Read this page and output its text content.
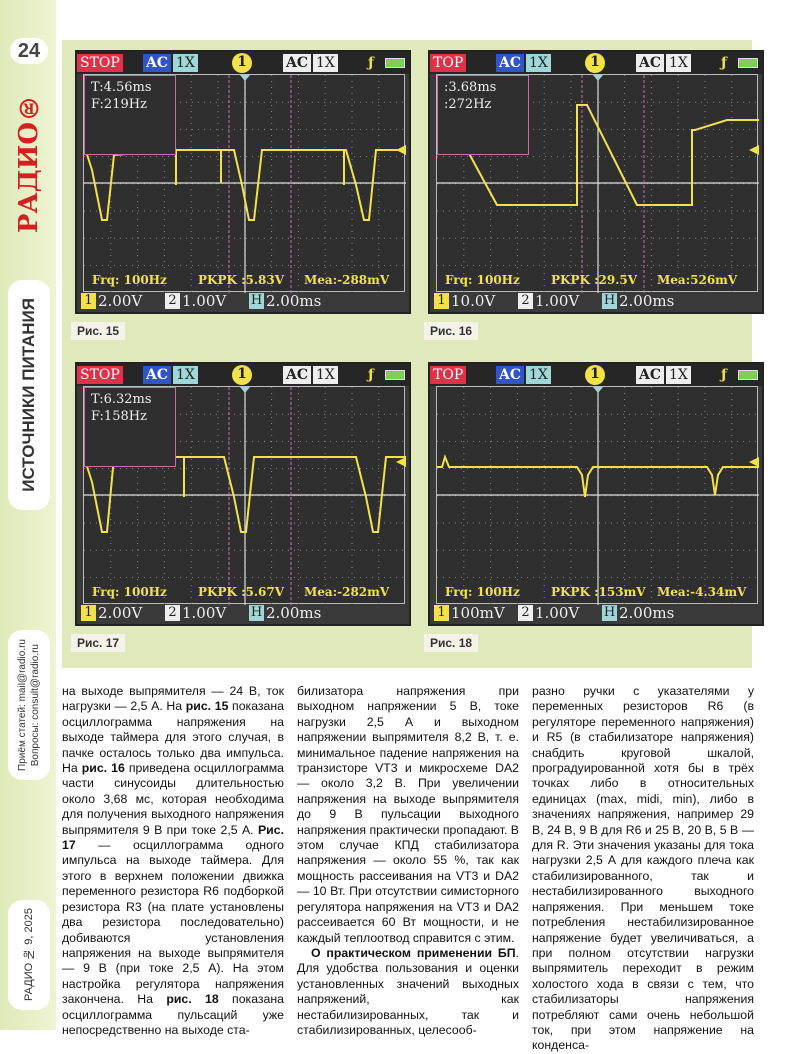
24
РАДИО®
ИСТОЧНИКИ ПИТАНИЯ
Приём статей: mail@radio.ru Вопросы: consult@radio.ru
РАДИО № 9, 2025
STOP AC 1X	1	AC 1X ƒ
T:4.56ms
F:219Hz
Frq: 100Hz	PKPK :5.83V Mea:-288mV
1 2.00V 2 1.00V H 2.00ms
Рис. 15
TOP	AC 1X	1	AC 1X ƒ
:3.68ms
:272Hz
Frq: 100Hz	PKPK :29.5V Mea:526mV
1 10.0V 2 1.00V H 2.00ms
Рис. 16
STOP AC 1X	1	AC 1X ƒ
T:6.32ms
F:158Hz
Frq: 100Hz	PKPK :5.67V Mea:-282mV
1 2.00V 2 1.00V H 2.00ms
Рис. 17
TOP	AC 1X	1	AC 1X ƒ
Frq: 100Hz	PKPK :153mV Mea:-4.34mV
1 100mV 2 1.00V H 2.00ms
Рис. 18

на выходе выпрямителя — 24 В, ток нагрузки — 2,5 А. На рис. 15 показана осциллограмма напряжения на выходе таймера для этого случая, в пачке осталось только два импульса. На рис. 16 приведена осциллограмма части синусоиды длительностью около 3,68 мс, которая необходима для получения выходного напряжения выпрямителя 9 В при токе 2,5 А. Рис. 17 — осциллограмма одного импульса на выходе таймера. Для этого в верхнем положении движка переменного резистора R6 подборкой резистора R3 (на плате установлены два резистора последовательно) добиваются установления напряжения на выходе выпрямителя — 9 В (при токе 2,5 А). На этом настройка регулятора напряжения закончена. На рис. 18 показана осциллограмма пульсаций уже непосредственно на выходе ста-

билизатора напряжения при выходном напряжении 5 В, токе нагрузки 2,5 А и выходном напряжении выпрямителя 8,2 В, т. е. минимальное падение напряжения на транзисторе VT3 и микросхеме DA2 — около 3,2 В. При увеличении напряжения на выходе выпрямителя до 9 В пульсации выходного напряжения практически пропадают. В этом случае КПД стабилизатора напряжения — около 55 %, так как мощность рассеивания на VT3 и DA2 — 10 Вт. При отсутствии симисторного регулятора напряжения на VT3 и DA2 рассеивается 60 Вт мощности, и не каждый теплоотвод справится с этим.

О практическом применении БП. Для удобства пользования и оценки установленных значений выходных напряжений, как нестабилизированных, так и стабилизированных, целесооб-

разно ручки с указателями у переменных резисторов R6 (в регуляторе переменного напряжения) и R5 (в стабилизаторе напряжения) снабдить круговой шкалой, проградуированной хотя бы в трёх точках либо в относительных единицах (max, midi, min), либо в значениях напряжения, например 29 В, 24 В, 9 В для R6 и 25 В, 20 В, 5 В — для R. Эти значения указаны для тока нагрузки 2,5 А для каждого плеча как стабилизированного, так и нестабилизированного выходного напряжения. При меньшем токе потребления нестабилизированное напряжение будет увеличиваться, а при полном отсутствии нагрузки выпрямитель переходит в режим холостого хода в связи с тем, что стабилизаторы напряжения потребляют сами очень небольшой ток, при этом напряжение на конденса-
